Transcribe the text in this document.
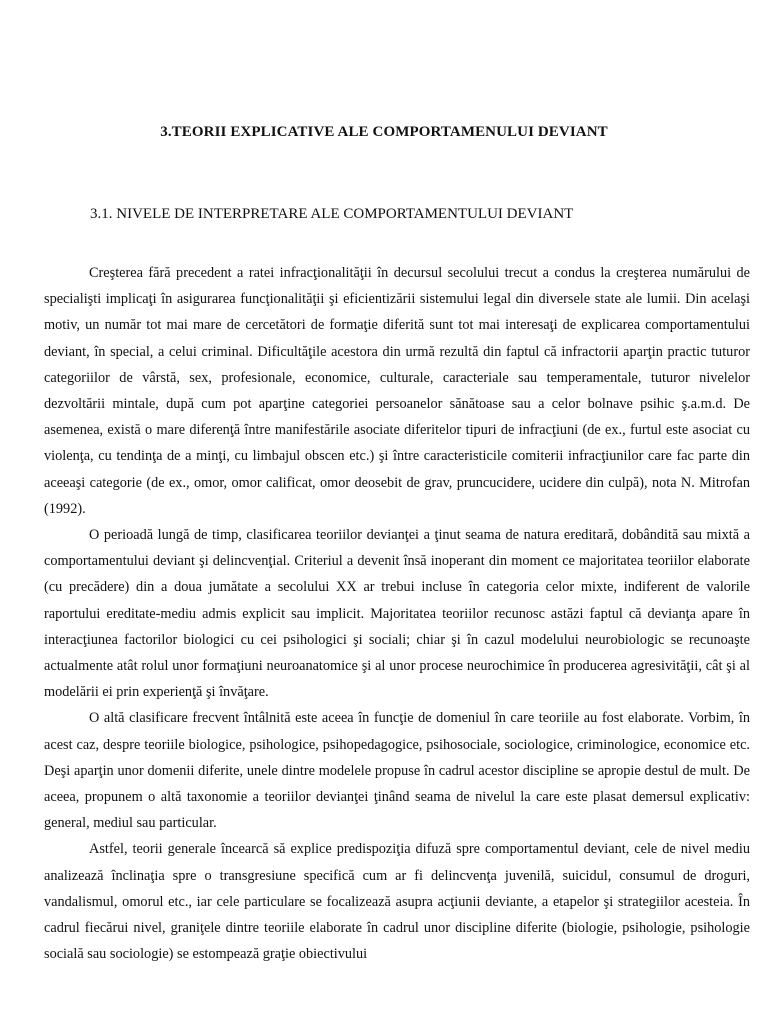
3.TEORII EXPLICATIVE ALE COMPORTAMENULUI DEVIANT
3.1. NIVELE DE INTERPRETARE ALE COMPORTAMENTULUI DEVIANT

Creşterea fără precedent a ratei infracţionalităţii în decursul secolului trecut a condus la creşterea numărului de specialişti implicaţi în asigurarea funcţionalităţii şi eficientizării sistemului legal din diversele state ale lumii. Din acelaşi motiv, un număr tot mai mare de cercetători de formaţie diferită sunt tot mai interesaţi de explicarea comportamentului deviant, în special, a celui criminal. Dificultăţile acestora din urmă rezultă din faptul că infractorii aparţin practic tuturor categoriilor de vârstă, sex, profesionale, economice, culturale, caracteriale sau temperamentale, tuturor nivelelor dezvoltării mintale, după cum pot aparţine categoriei persoanelor sănătoase sau a celor bolnave psihic ş.a.m.d. De asemenea, există o mare diferenţă între manifestările asociate diferitelor tipuri de infracţiuni (de ex., furtul este asociat cu violenţa, cu tendinţa de a minţi, cu limbajul obscen etc.) şi între caracteristicile comiterii infracţiunilor care fac parte din aceeaşi categorie (de ex., omor, omor calificat, omor deosebit de grav, pruncucidere, ucidere din culpă), nota N. Mitrofan (1992).

O perioadă lungă de timp, clasificarea teoriilor devianţei a ţinut seama de natura ereditară, dobândită sau mixtă a comportamentului deviant şi delincvenţial. Criteriul a devenit însă inoperant din moment ce majoritatea teoriilor elaborate (cu precădere) din a doua jumătate a secolului XX ar trebui incluse în categoria celor mixte, indiferent de valorile raportului ereditate-mediu admis explicit sau implicit. Majoritatea teoriilor recunosc astăzi faptul că devianţa apare în interacţiunea factorilor biologici cu cei psihologici şi sociali; chiar şi în cazul modelului neurobiologic se recunoaşte actualmente atât rolul unor formaţiuni neuroanatomice şi al unor procese neurochimice în producerea agresivităţii, cât şi al modelării ei prin experienţă şi învăţare.

O altă clasificare frecvent întâlnită este aceea în funcţie de domeniul în care teoriile au fost elaborate. Vorbim, în acest caz, despre teoriile biologice, psihologice, psihopedagogice, psihosociale, sociologice, criminologice, economice etc. Deşi aparţin unor domenii diferite, unele dintre modelele propuse în cadrul acestor discipline se apropie destul de mult. De aceea, propunem o altă taxonomie a teoriilor devianţei ţinând seama de nivelul la care este plasat demersul explicativ: general, mediul sau particular.

Astfel, teorii generale încearcă să explice predispoziţia difuză spre comportamentul deviant, cele de nivel mediu analizează înclinaţia spre o transgresiune specifică cum ar fi delincvenţa juvenilă, suicidul, consumul de droguri, vandalismul, omorul etc., iar cele particulare se focalizează asupra acţiunii deviante, a etapelor şi strategiilor acesteia. În cadrul fiecărui nivel, graniţele dintre teoriile elaborate în cadrul unor discipline diferite (biologie, psihologie, psihologie socială sau sociologie) se estompează graţie obiectivului
